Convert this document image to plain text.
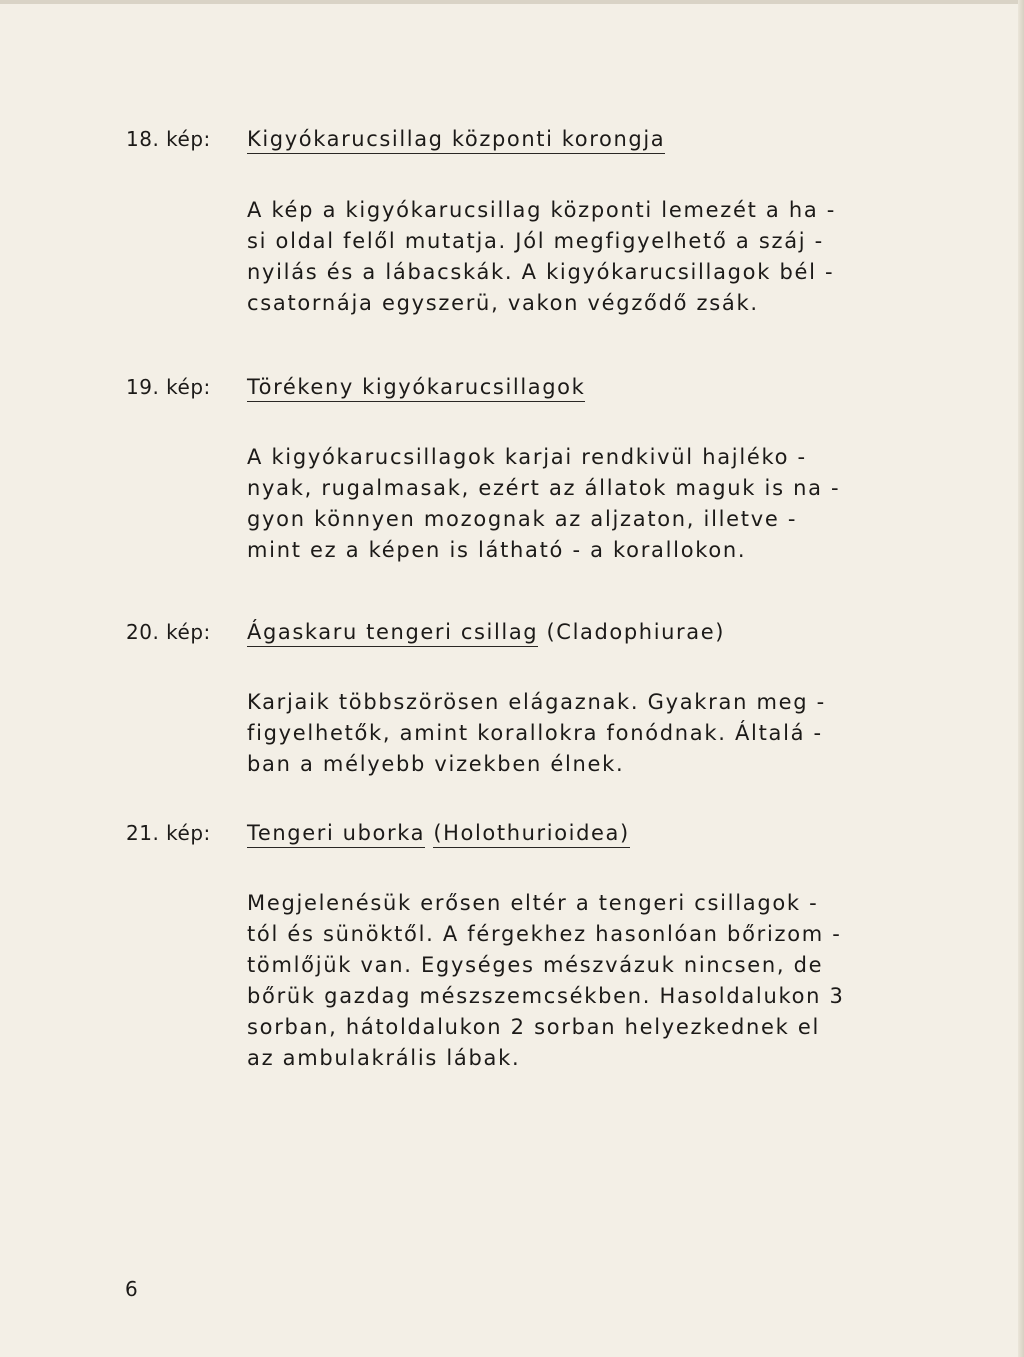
18. kép:	Kigyókarucsillag központi korongja
A kép a kigyókarucsillag központi lemezét a ha -
si oldal felől mutatja. Jól megfigyelhető a száj -
nyilás és a lábacskák. A kigyókarucsillagok bél -
csatornája egyszerü, vakon végződő zsák.
19. kép:	Törékeny kigyókarucsillagok
A kigyókarucsillagok karjai rendkivül hajléko -
nyak, rugalmasak, ezért az állatok maguk is na -
gyon könnyen mozognak az aljzaton, illetve -
mint ez a képen is látható - a korallokon.
20. kép:	Ágaskaru tengeri csillag (Cladophiurae)
Karjaik többszörösen elágaznak. Gyakran meg -
figyelhetők, amint korallokra fonódnak. Általá -
ban a mélyebb vizekben élnek.
21. kép:	Tengeri uborka (Holothurioidea)
Megjelenésük erősen eltér a tengeri csillagok -
tól és sünöktől. A férgekhez hasonlóan bőrizom -
tömlőjük van. Egységes mészvázuk nincsen, de
bőrük gazdag mészszemcsékben. Hasoldalukon 3
sorban, hátoldalukon 2 sorban helyezkednek el
az ambulakrális lábak.
6
